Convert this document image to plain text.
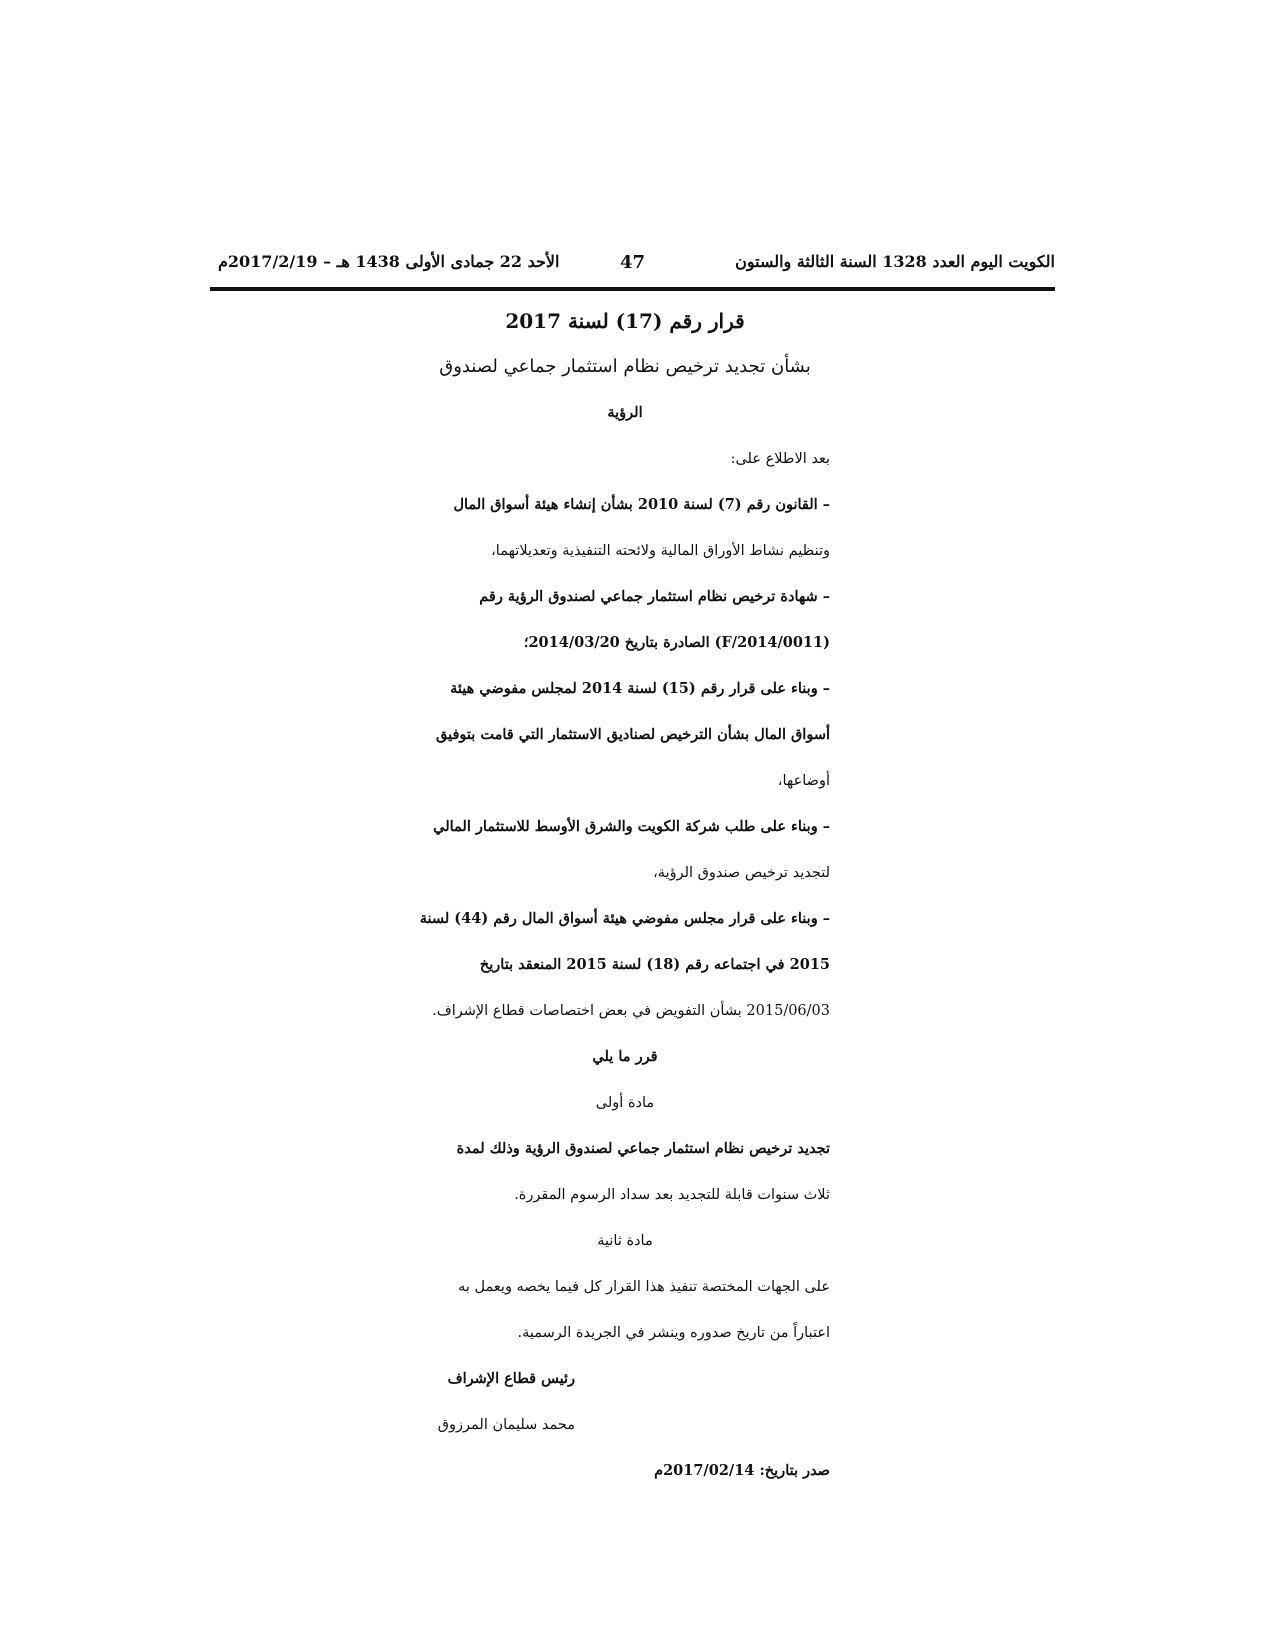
الكويت اليوم العدد 1328 السنة الثالثة والستون
47
الأحد 22 جمادى الأولى 1438 هـ – 2017/2/19م
قرار رقم (17) لسنة 2017
بشأن تجديد ترخيص نظام استثمار جماعي لصندوق
الرؤية
بعد الاطلاع على:
– القانون رقم (7) لسنة 2010 بشأن إنشاء هيئة أسواق المال
وتنظيم نشاط الأوراق المالية ولائحته التنفيذية وتعديلاتهما،
– شهادة ترخيص نظام استثمار جماعي لصندوق الرؤية رقم
(F/2014/0011) الصادرة بتاريخ 2014/03/20؛
– وبناء على قرار رقم (15) لسنة 2014 لمجلس مفوضي هيئة
أسواق المال بشأن الترخيص لصناديق الاستثمار التي قامت بتوفيق
أوضاعها،
– وبناء على طلب شركة الكويت والشرق الأوسط للاستثمار المالي
لتجديد ترخيص صندوق الرؤية،
– وبناء على قرار مجلس مفوضي هيئة أسواق المال رقم (44) لسنة
2015 في اجتماعه رقم (18) لسنة 2015 المنعقد بتاريخ
2015/06/03 بشأن التفويض في بعض اختصاصات قطاع الإشراف.
قرر ما يلي
مادة أولى
تجديد ترخيص نظام استثمار جماعي لصندوق الرؤية وذلك لمدة
ثلاث سنوات قابلة للتجديد بعد سداد الرسوم المقررة.
مادة ثانية
على الجهات المختصة تنفيذ هذا القرار كل فيما يخصه ويعمل به
اعتباراً من تاريخ صدوره وينشر في الجريدة الرسمية.
رئيس قطاع الإشراف
محمد سليمان المرزوق
صدر بتاريخ: 2017/02/14م
